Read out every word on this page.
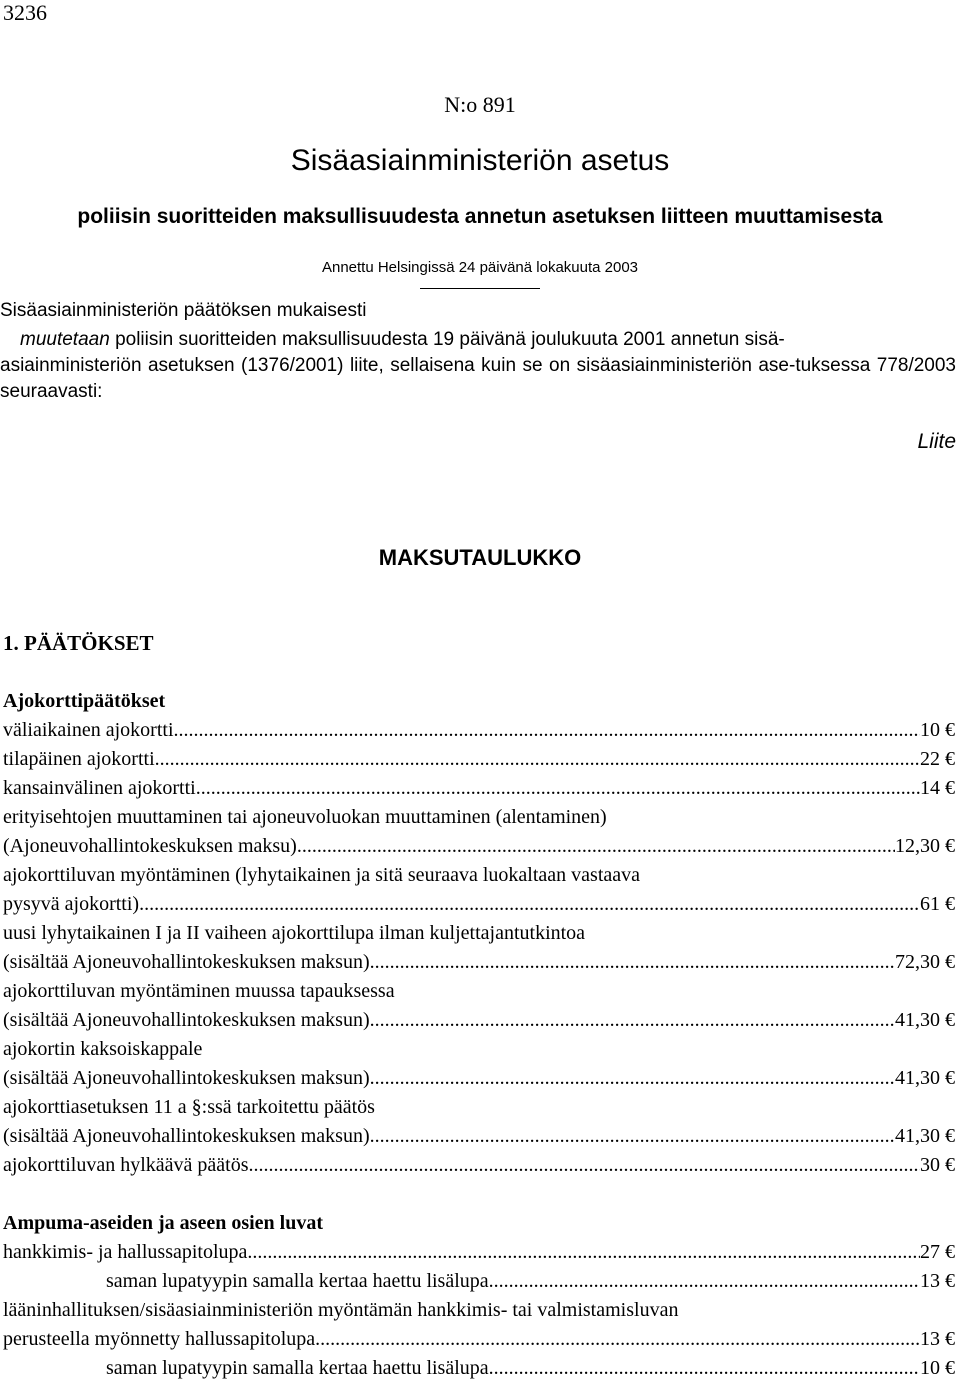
3236
N:o 891
Sisäasiainministeriön asetus
poliisin suoritteiden maksullisuudesta annetun asetuksen liitteen muuttamisesta
Annettu Helsingissä 24 päivänä lokakuuta 2003
Sisäasiainministeriön päätöksen mukaisesti
muutetaan poliisin suoritteiden maksullisuudesta 19 päivänä joulukuuta 2001 annetun sisä-
asiainministeriön asetuksen (1376/2001) liite, sellaisena kuin se on sisäasiainministeriön ase-tuksessa 778/2003 seuraavasti:
Liite
MAKSUTAULUKKO
1. PÄÄTÖKSET
Ajokorttipäätökset
väliaikainen ajokortti .....	10 €
tilapäinen ajokortti .....	22 €
kansainvälinen ajokortti .....	14 €
erityisehtojen muuttaminen tai ajoneuvoluokan muuttaminen (alentaminen)
(Ajoneuvohallintokeskuksen maksu) .....	12,30 €
ajokorttiluvan myöntäminen (lyhytaikainen ja sitä seuraava luokaltaan vastaava
pysyvä ajokortti) .....	61 €
uusi lyhytaikainen I ja II vaiheen ajokorttilupa ilman kuljettajantutkintoa
(sisältää Ajoneuvohallintokeskuksen maksun) .....	72,30 €
ajokorttiluvan myöntäminen muussa tapauksessa
(sisältää Ajoneuvohallintokeskuksen maksun) .....	41,30 €
ajokortin kaksoiskappale
(sisältää Ajoneuvohallintokeskuksen maksun) .....	41,30 €
ajokorttiasetuksen 11 a §:ssä tarkoitettu päätös
(sisältää Ajoneuvohallintokeskuksen maksun) .....	41,30 €
ajokorttiluvan hylkäävä päätös .....	30 €
Ampuma-aseiden ja aseen osien luvat
hankkimis- ja hallussapitolupa .....	27 €
saman lupatyypin samalla kertaa haettu lisälupa .....	13 €
lääninhallituksen/sisäasiainministeriön myöntämän hankkimis- tai valmistamisluvan
perusteella myönnetty hallussapitolupa .....	13 €
saman lupatyypin samalla kertaa haettu lisälupa .....	10 €
